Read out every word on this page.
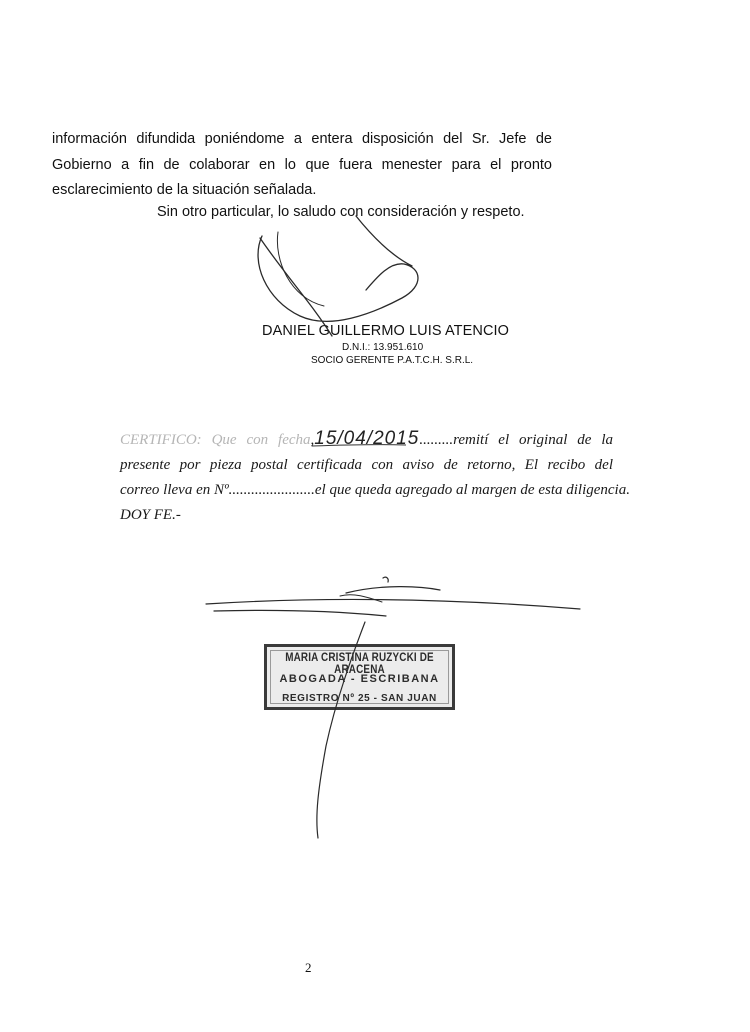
información difundida poniéndome a entera disposición del Sr. Jefe de
Gobierno a fin de colaborar en lo que fuera menester para el pronto
esclarecimiento de la situación señalada.
Sin otro particular, lo saludo con consideración y respeto.
DANIEL GUILLERMO LUIS ATENCIO
D.N.I.: 13.951.610
SOCIO GERENTE P.A.T.C.H. S.R.L.
CERTIFICO: Que con fecha,15/04/2015.........remití el original de la
presente por pieza postal certificada con aviso de retorno, El recibo del
correo lleva en Nº.......................el que queda agregado al margen de esta diligencia.
DOY FE.-
MARIA CRISTINA RUZYCKI DE ARACENA
ABOGADA - ESCRIBANA
REGISTRO Nº 25 - SAN JUAN
2
